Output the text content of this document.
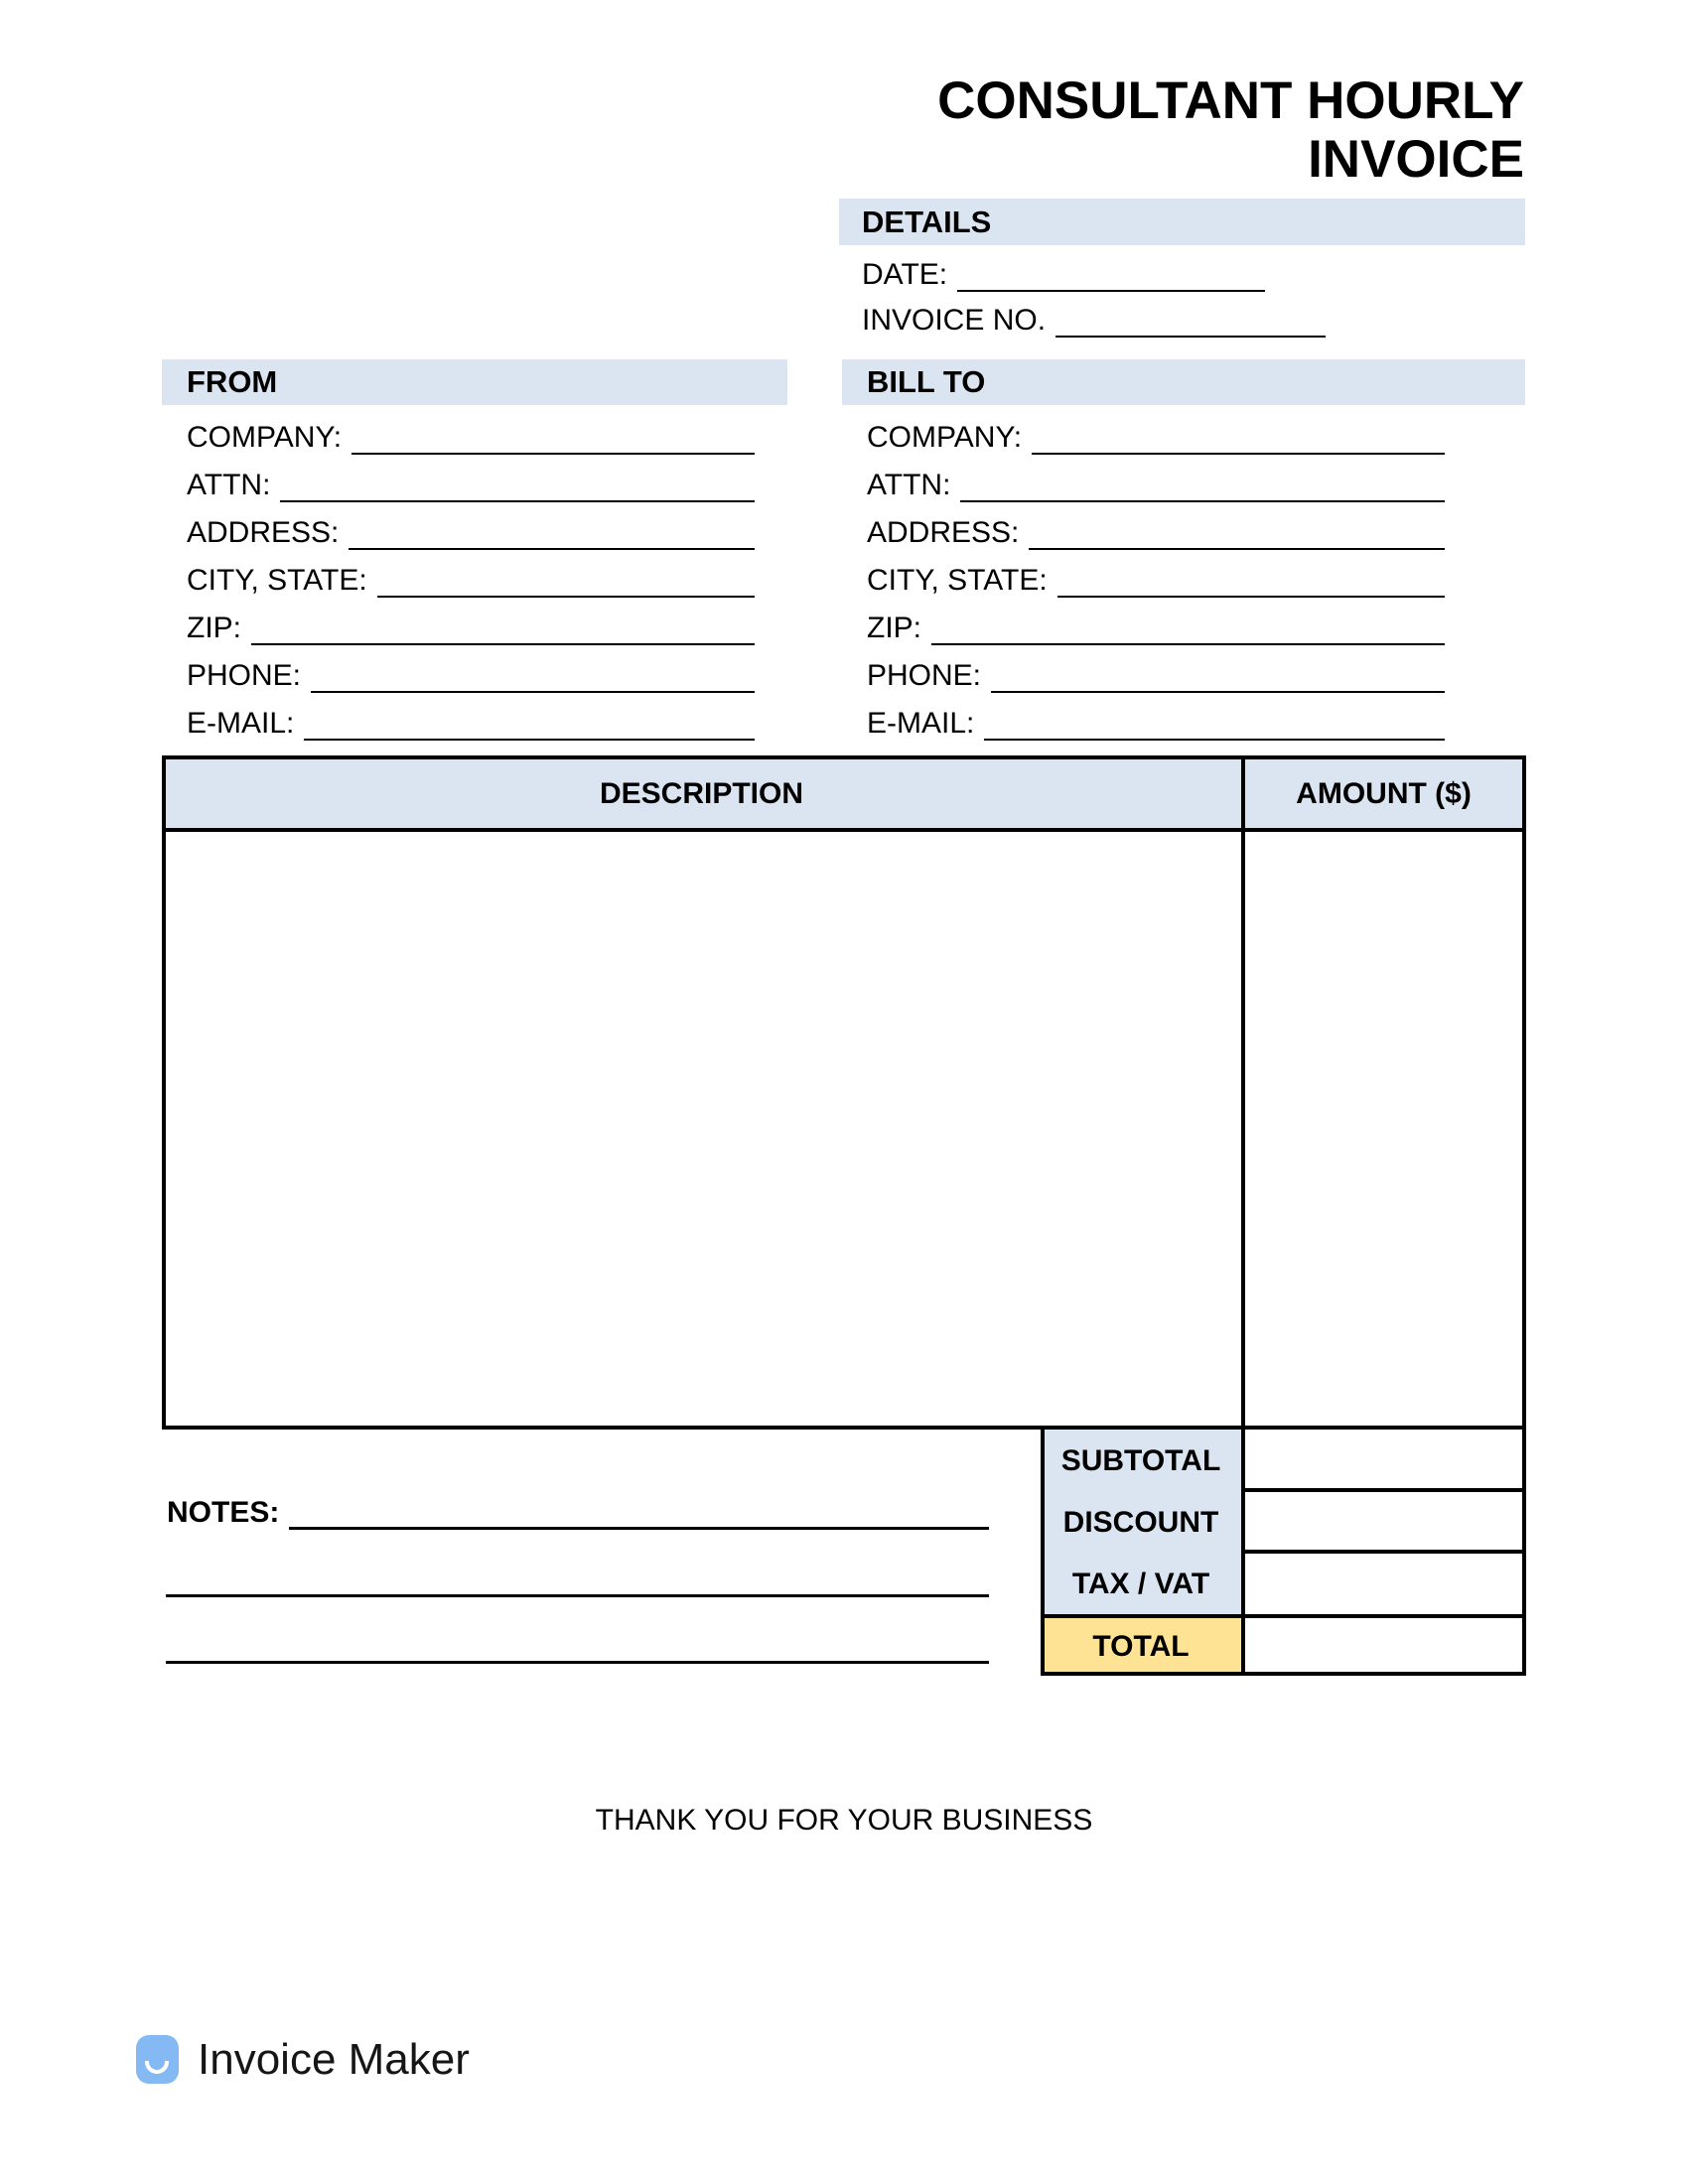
CONSULTANT HOURLY INVOICE
DETAILS
DATE:
INVOICE NO.
FROM
COMPANY:
ATTN:
ADDRESS:
CITY, STATE:
ZIP:
PHONE:
E-MAIL:
BILL TO
COMPANY:
ATTN:
ADDRESS:
CITY, STATE:
ZIP:
PHONE:
E-MAIL:
DESCRIPTION	AMOUNT ($)
SUBTOTAL
DISCOUNT
TAX / VAT
TOTAL
NOTES:
THANK YOU FOR YOUR BUSINESS
Invoice Maker
